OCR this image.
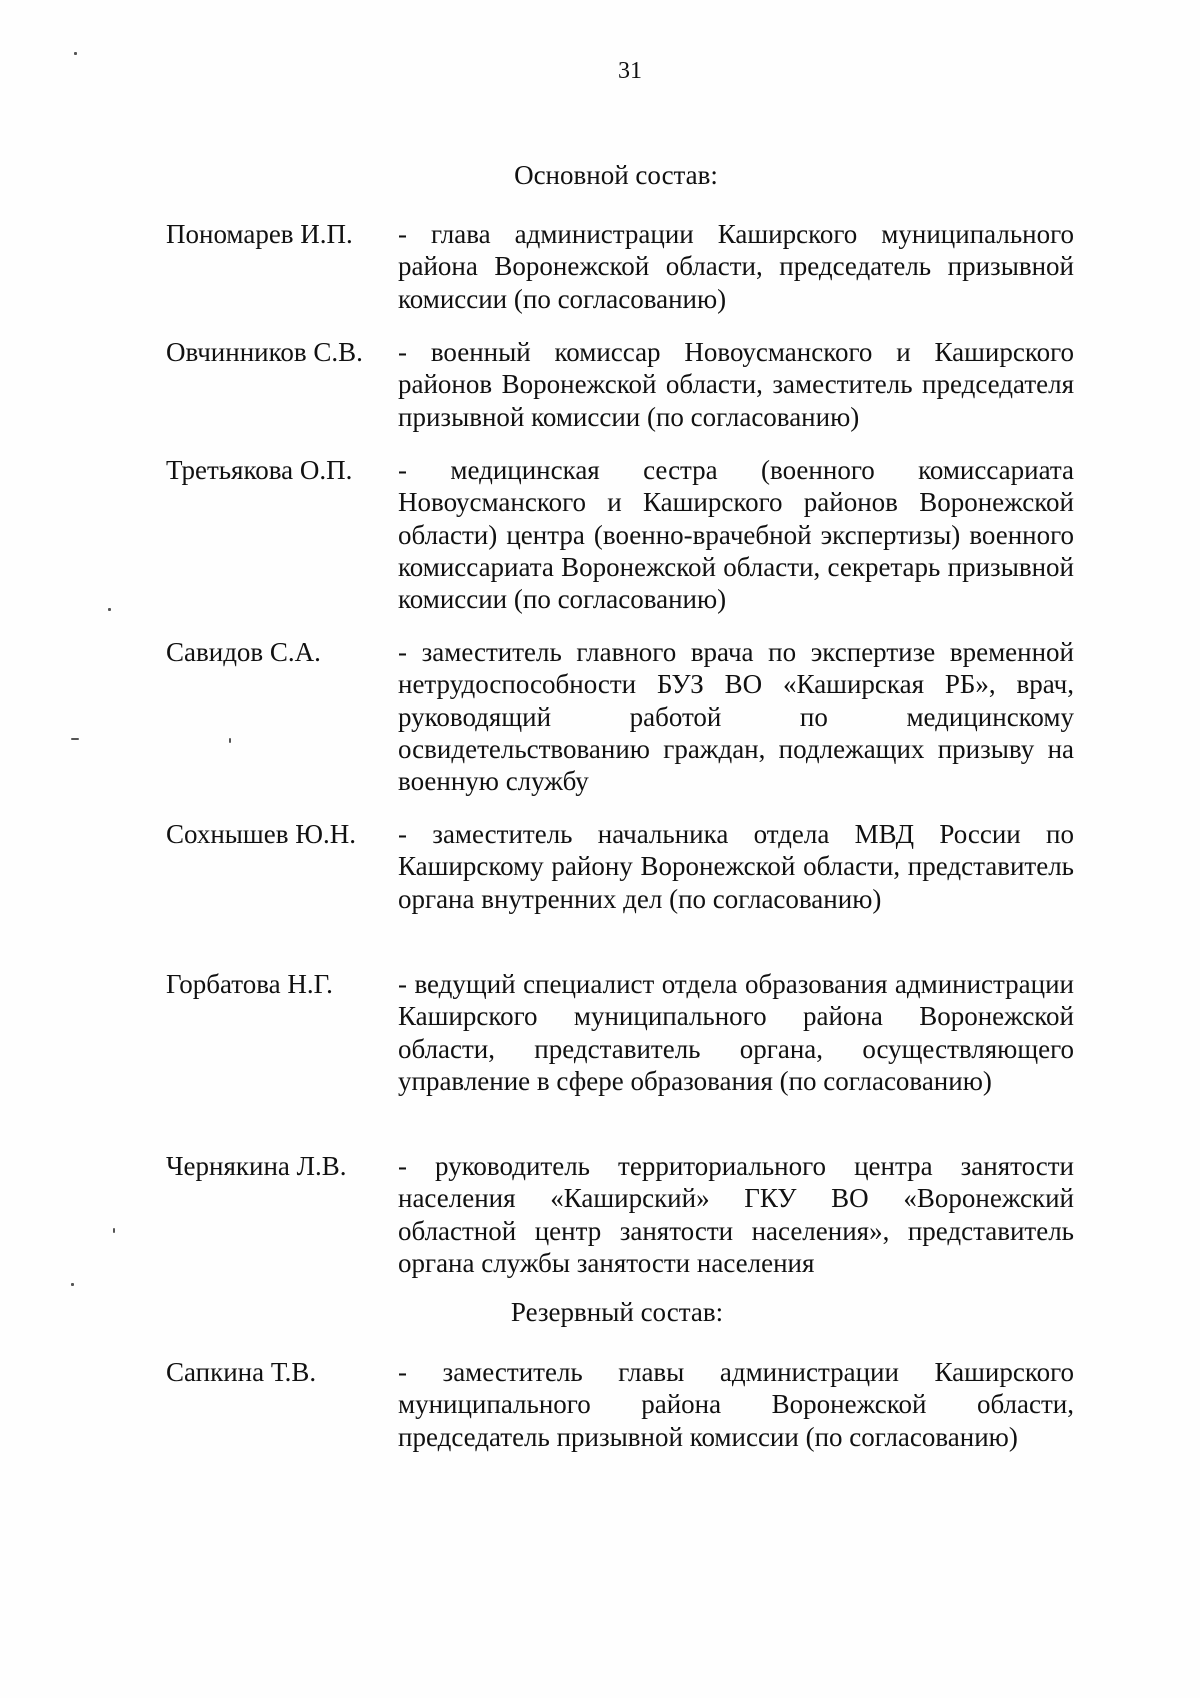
31
Основной состав:
Пономарев И.П. - глава администрации Каширского муниципального района Воронежской области, председатель призывной комиссии (по согласованию)
Овчинников С.В. - военный комиссар Новоусманского и Каширского районов Воронежской области, заместитель председателя призывной комиссии (по согласованию)
Третьякова О.П. - медицинская сестра (военного комиссариата Новоусманского и Каширского районов Воронежской области) центра (военно-врачебной экспертизы) военного комиссариата Воронежской области, секретарь призывной комиссии (по согласованию)
Савидов С.А.	- заместитель главного врача по экспертизе временной нетрудоспособности БУЗ ВО «Каширская РБ», врач, руководящий работой по медицинскому освидетельствованию граждан, подлежащих призыву на военную службу
Сохнышев Ю.Н. - заместитель начальника отдела МВД России по Каширскому району Воронежской области, представитель органа внутренних дел (по согласованию)
Горбатова Н.Г. - ведущий специалист отдела образования администрации Каширского муниципального района Воронежской области, представитель органа, осуществляющего управление в сфере образования (по согласованию)
Чернякина Л.В. - руководитель территориального центра занятости населения «Каширский» ГКУ ВО «Воронежский областной центр занятости населения», представитель органа службы занятости населения
Резервный состав:
Сапкина Т.В.	- заместитель главы администрации Каширского муниципального района Воронежской области, председатель призывной комиссии (по согласованию)
